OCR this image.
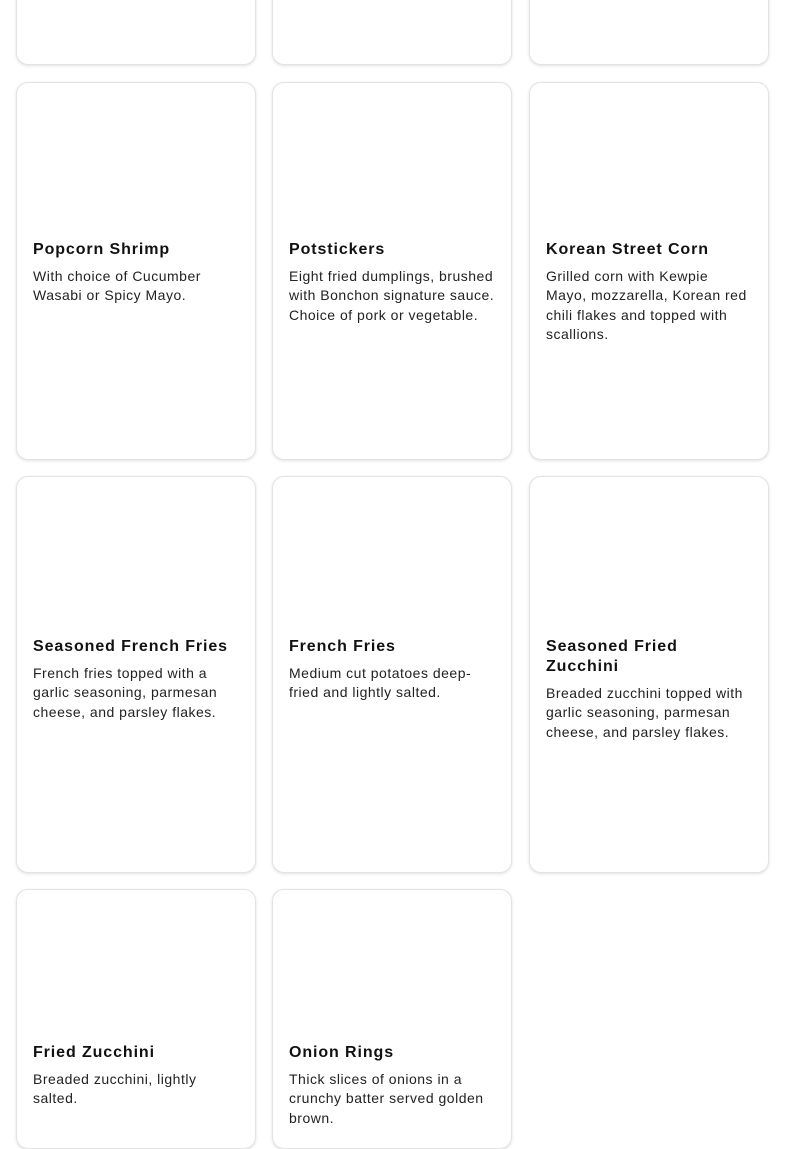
Popcorn Shrimp

With choice of Cucumber Wasabi or Spicy Mayo.

Potstickers

Eight fried dumplings, brushed with Bonchon signature sauce. Choice of pork or vegetable.

Korean Street Corn

Grilled corn with Kewpie Mayo, mozzarella, Korean red chili flakes and topped with scallions.

Seasoned French Fries

French fries topped with a garlic seasoning, parmesan cheese, and parsley flakes.

French Fries

Medium cut potatoes deep-fried and lightly salted.

Seasoned Fried Zucchini

Breaded zucchini topped with garlic seasoning, parmesan cheese, and parsley flakes.

Fried Zucchini

Breaded zucchini, lightly salted.

Onion Rings

Thick slices of onions in a crunchy batter served golden brown.
